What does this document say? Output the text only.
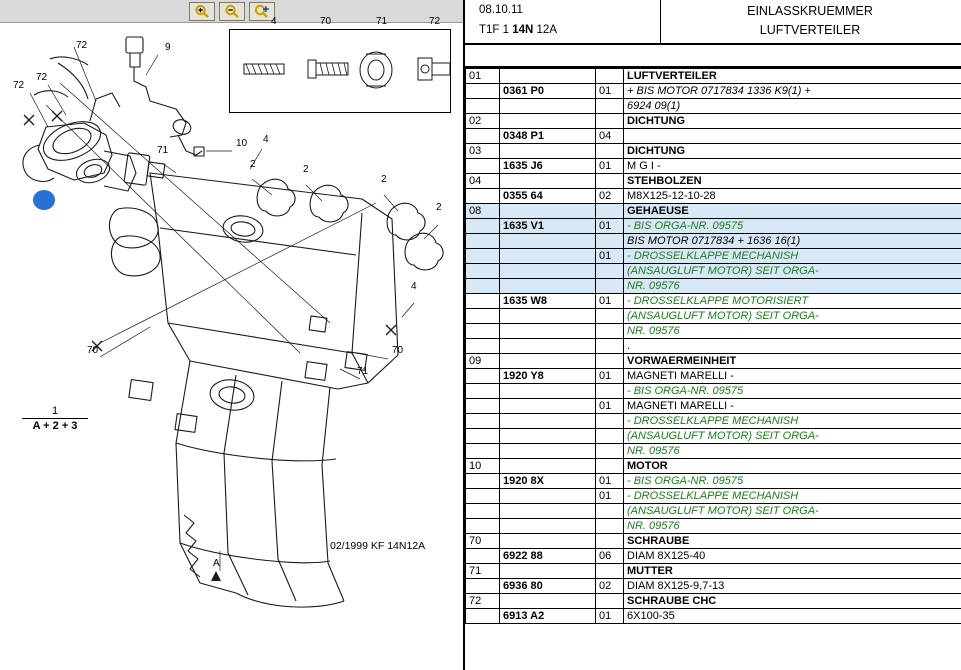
4	70	71	72
72	9
72
72
10 4
71
2	2
2
2
4
70	70
71
A
1
A + 2 + 3
02/1999 KF 14N12A
08.10.11
T1F 1 14N 12A
EINLASSKRUEMMER
LUFTVERTEILER
01			LUFTVERTEILER
	0361 P0	01	+ BIS MOTOR 0717834 1336 K9(1) +
			6924 09(1)
02			DICHTUNG
	0348 P1	04	
03			DICHTUNG
	1635 J6	01	M G I -
04			STEHBOLZEN
	0355 64	02	M8X125-12-10-28
08			GEHAEUSE
	1635 V1	01	- BIS ORGA-NR. 09575
			BIS MOTOR 0717834 + 1636 16(1)
		01	- DROSSELKLAPPE MECHANISH
			(ANSAUGLUFT MOTOR) SEIT ORGA-
			NR. 09576
	1635 W8	01	- DROSSELKLAPPE MOTORISIERT
			(ANSAUGLUFT MOTOR) SEIT ORGA-
			NR. 09576
			.
09			VORWAERMEINHEIT
	1920 Y8	01	MAGNETI MARELLI -
			- BIS ORGA-NR. 09575
		01	MAGNETI MARELLI -
			- DROSSELKLAPPE MECHANISH
			(ANSAUGLUFT MOTOR) SEIT ORGA-
			NR. 09576
10			MOTOR
	1920 8X	01	- BIS ORGA-NR. 09575
		01	- DROSSELKLAPPE MECHANISH
			(ANSAUGLUFT MOTOR) SEIT ORGA-
			NR. 09576
70			SCHRAUBE
	6922 88	06	DIAM 8X125-40
71			MUTTER
	6936 80	02	DIAM 8X125-9,7-13
72			SCHRAUBE CHC
	6913 A2	01	6X100-35
